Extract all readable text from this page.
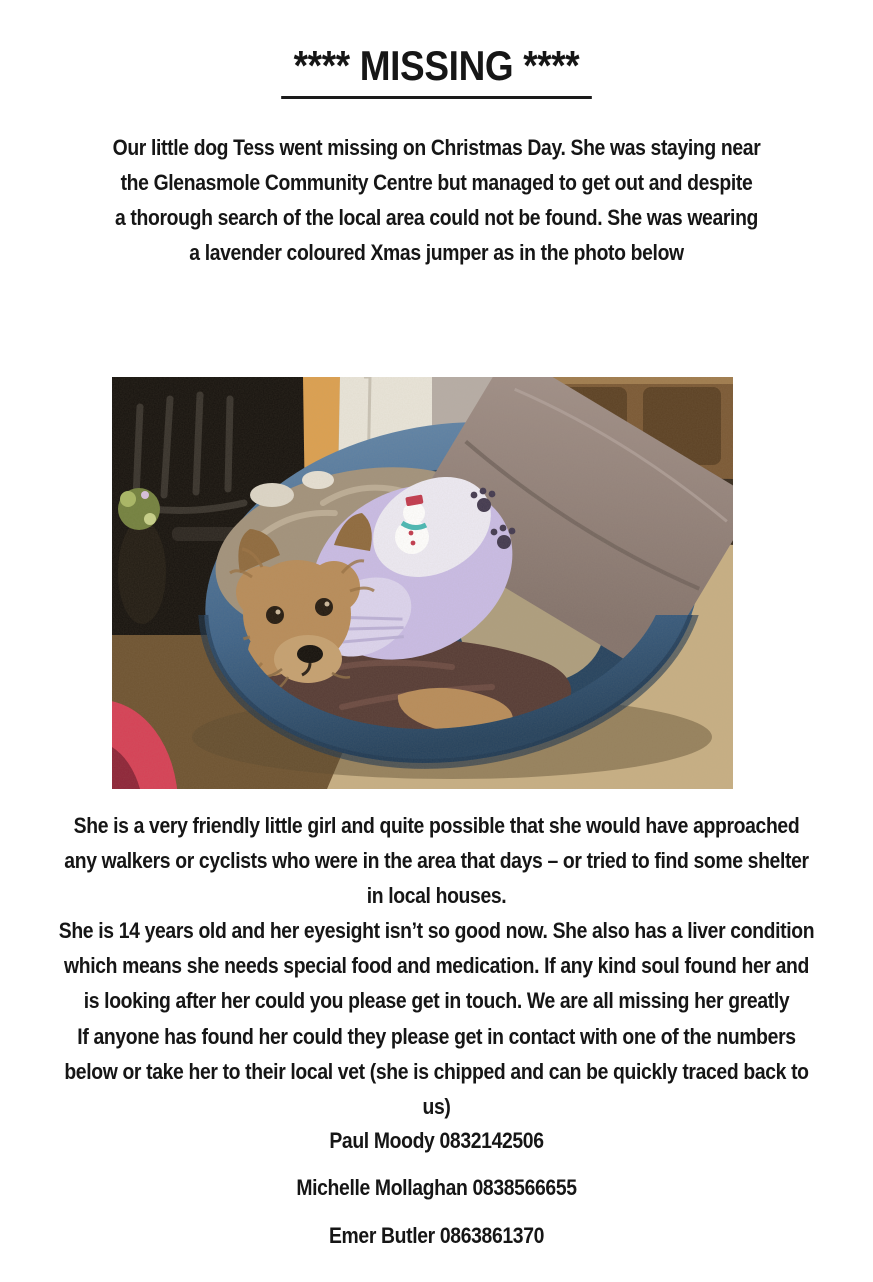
**** MISSING ****
Our little dog Tess went missing on Christmas Day. She was staying near
the Glenasmole Community Centre but managed to get out and despite
a thorough search of the local area could not be found. She was wearing
a lavender coloured Xmas jumper as in the photo below
She is a very friendly little girl and quite possible that she would have approached
any walkers or cyclists who were in the area that days – or tried to find some shelter
in local houses.
She is 14 years old and her eyesight isn’t so good now. She also has a liver condition
which means she needs special food and medication. If any kind soul found her and
is looking after her could you please get in touch. We are all missing her greatly
If anyone has found her could they please get in contact with one of the numbers
below or take her to their local vet (she is chipped and can be quickly traced back to
us)
Paul Moody 0832142506
Michelle Mollaghan 0838566655
Emer Butler 0863861370
